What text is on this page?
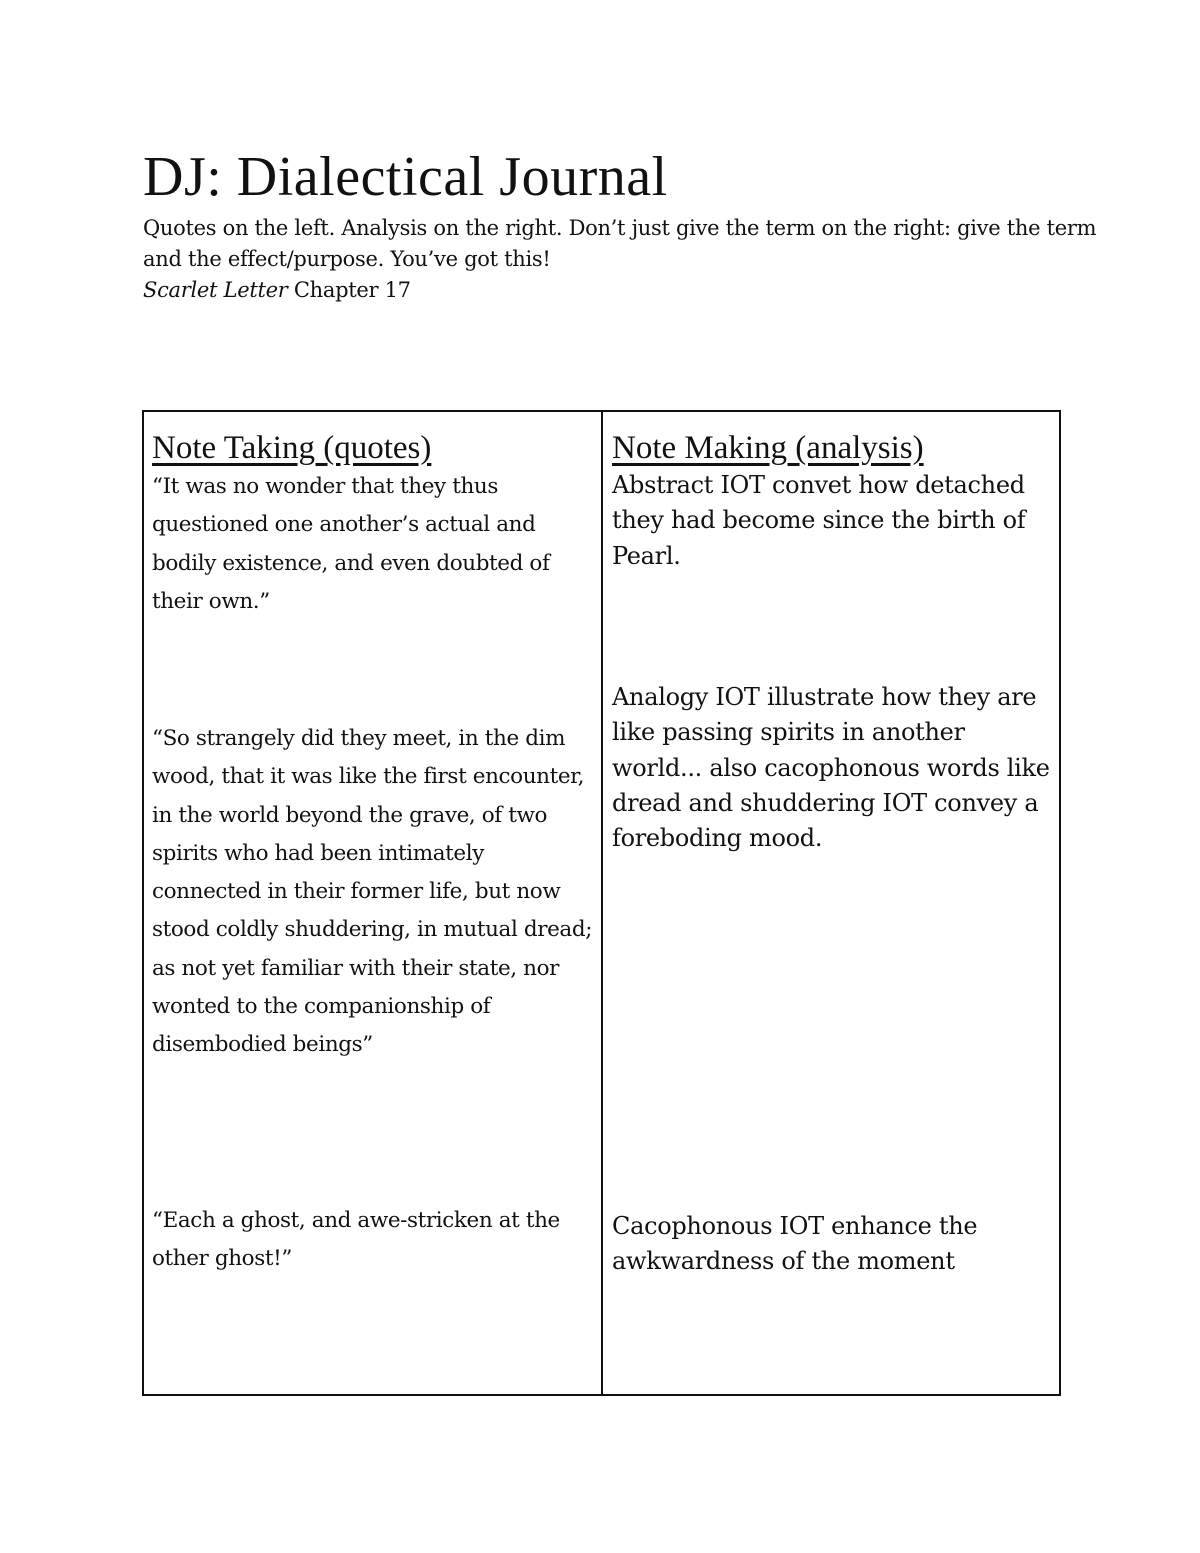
DJ: Dialectical Journal

Quotes on the left. Analysis on the right. Don’t just give the term on the right: give the term and the effect/purpose. You’ve got this!

Scarlet Letter Chapter 17

Note Taking (quotes)

“It was no wonder that they thus questioned one another’s actual and bodily existence, and even doubted of their own.”

“So strangely did they meet, in the dim wood, that it was like the first encounter, in the world beyond the grave, of two spirits who had been intimately connected in their former life, but now stood coldly shuddering, in mutual dread; as not yet familiar with their state, nor wonted to the companionship of disembodied beings”

“Each a ghost, and awe-stricken at the other ghost!”

Note Making (analysis)

Abstract IOT convet how detached they had become since the birth of Pearl.

Analogy IOT illustrate how they are like passing spirits in another world... also cacophonous words like dread and shuddering IOT convey a foreboding mood.

Cacophonous IOT enhance the awkwardness of the moment
